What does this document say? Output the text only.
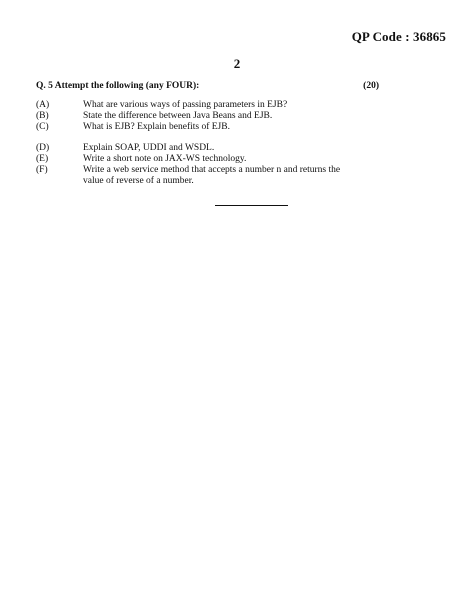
QP Code : 36865
2
Q. 5 Attempt the following (any FOUR):	(20)
(A)	What are various ways of passing parameters in EJB?
(B)	State the difference between Java Beans and EJB.
(C)	What is EJB? Explain benefits of EJB.
(D)	Explain SOAP, UDDI and WSDL.
(E)	Write a short note on JAX-WS technology.
(F)	Write a web service method that accepts a number n and returns the value of reverse of a number.
